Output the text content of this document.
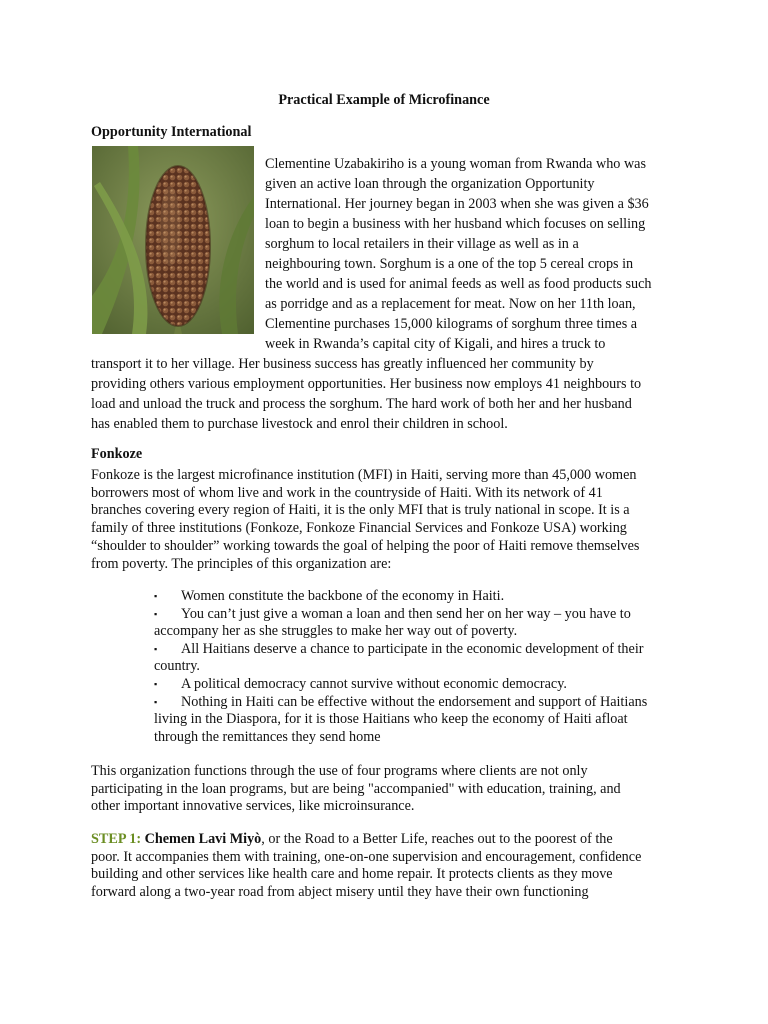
Practical Example of Microfinance
Opportunity International

Clementine Uzabakiriho is a young woman from Rwanda who was
given an active loan through the organization Opportunity
International. Her journey began in 2003 when she was given a $36
loan to begin a business with her husband which focuses on selling
sorghum to local retailers in their village as well as in a
neighbouring town. Sorghum is a one of the top 5 cereal crops in
the world and is used for animal feeds as well as food products such
as porridge and as a replacement for meat. Now on her 11th loan,
Clementine purchases 15,000 kilograms of sorghum three times a
week in Rwanda’s capital city of Kigali, and hires a truck to

transport it to her village. Her business success has greatly influenced her community by
providing others various employment opportunities. Her business now employs 41 neighbours to
load and unload the truck and process the sorghum. The hard work of both her and her husband
has enabled them to purchase livestock and enrol their children in school.

Fonkoze

Fonkoze is the largest microfinance institution (MFI) in Haiti, serving more than 45,000 women
borrowers most of whom live and work in the countryside of Haiti. With its network of 41
branches covering every region of Haiti, it is the only MFI that is truly national in scope. It is a
family of three institutions (Fonkoze, Fonkoze Financial Services and Fonkoze USA) working
“shoulder to shoulder” working towards the goal of helping the poor of Haiti remove themselves
from poverty. The principles of this organization are:

▪ Women constitute the backbone of the economy in Haiti.
▪ You can’t just give a woman a loan and then send her on her way – you have to
accompany her as she struggles to make her way out of poverty.
▪ All Haitians deserve a chance to participate in the economic development of their
country.
▪ A political democracy cannot survive without economic democracy.
▪ Nothing in Haiti can be effective without the endorsement and support of Haitians
living in the Diaspora, for it is those Haitians who keep the economy of Haiti afloat
through the remittances they send home

This organization functions through the use of four programs where clients are not only
participating in the loan programs, but are being "accompanied" with education, training, and
other important innovative services, like microinsurance.

STEP 1: Chemen Lavi Miyò, or the Road to a Better Life, reaches out to the poorest of the
poor. It accompanies them with training, one-on-one supervision and encouragement, confidence
building and other services like health care and home repair. It protects clients as they move
forward along a two-year road from abject misery until they have their own functioning
